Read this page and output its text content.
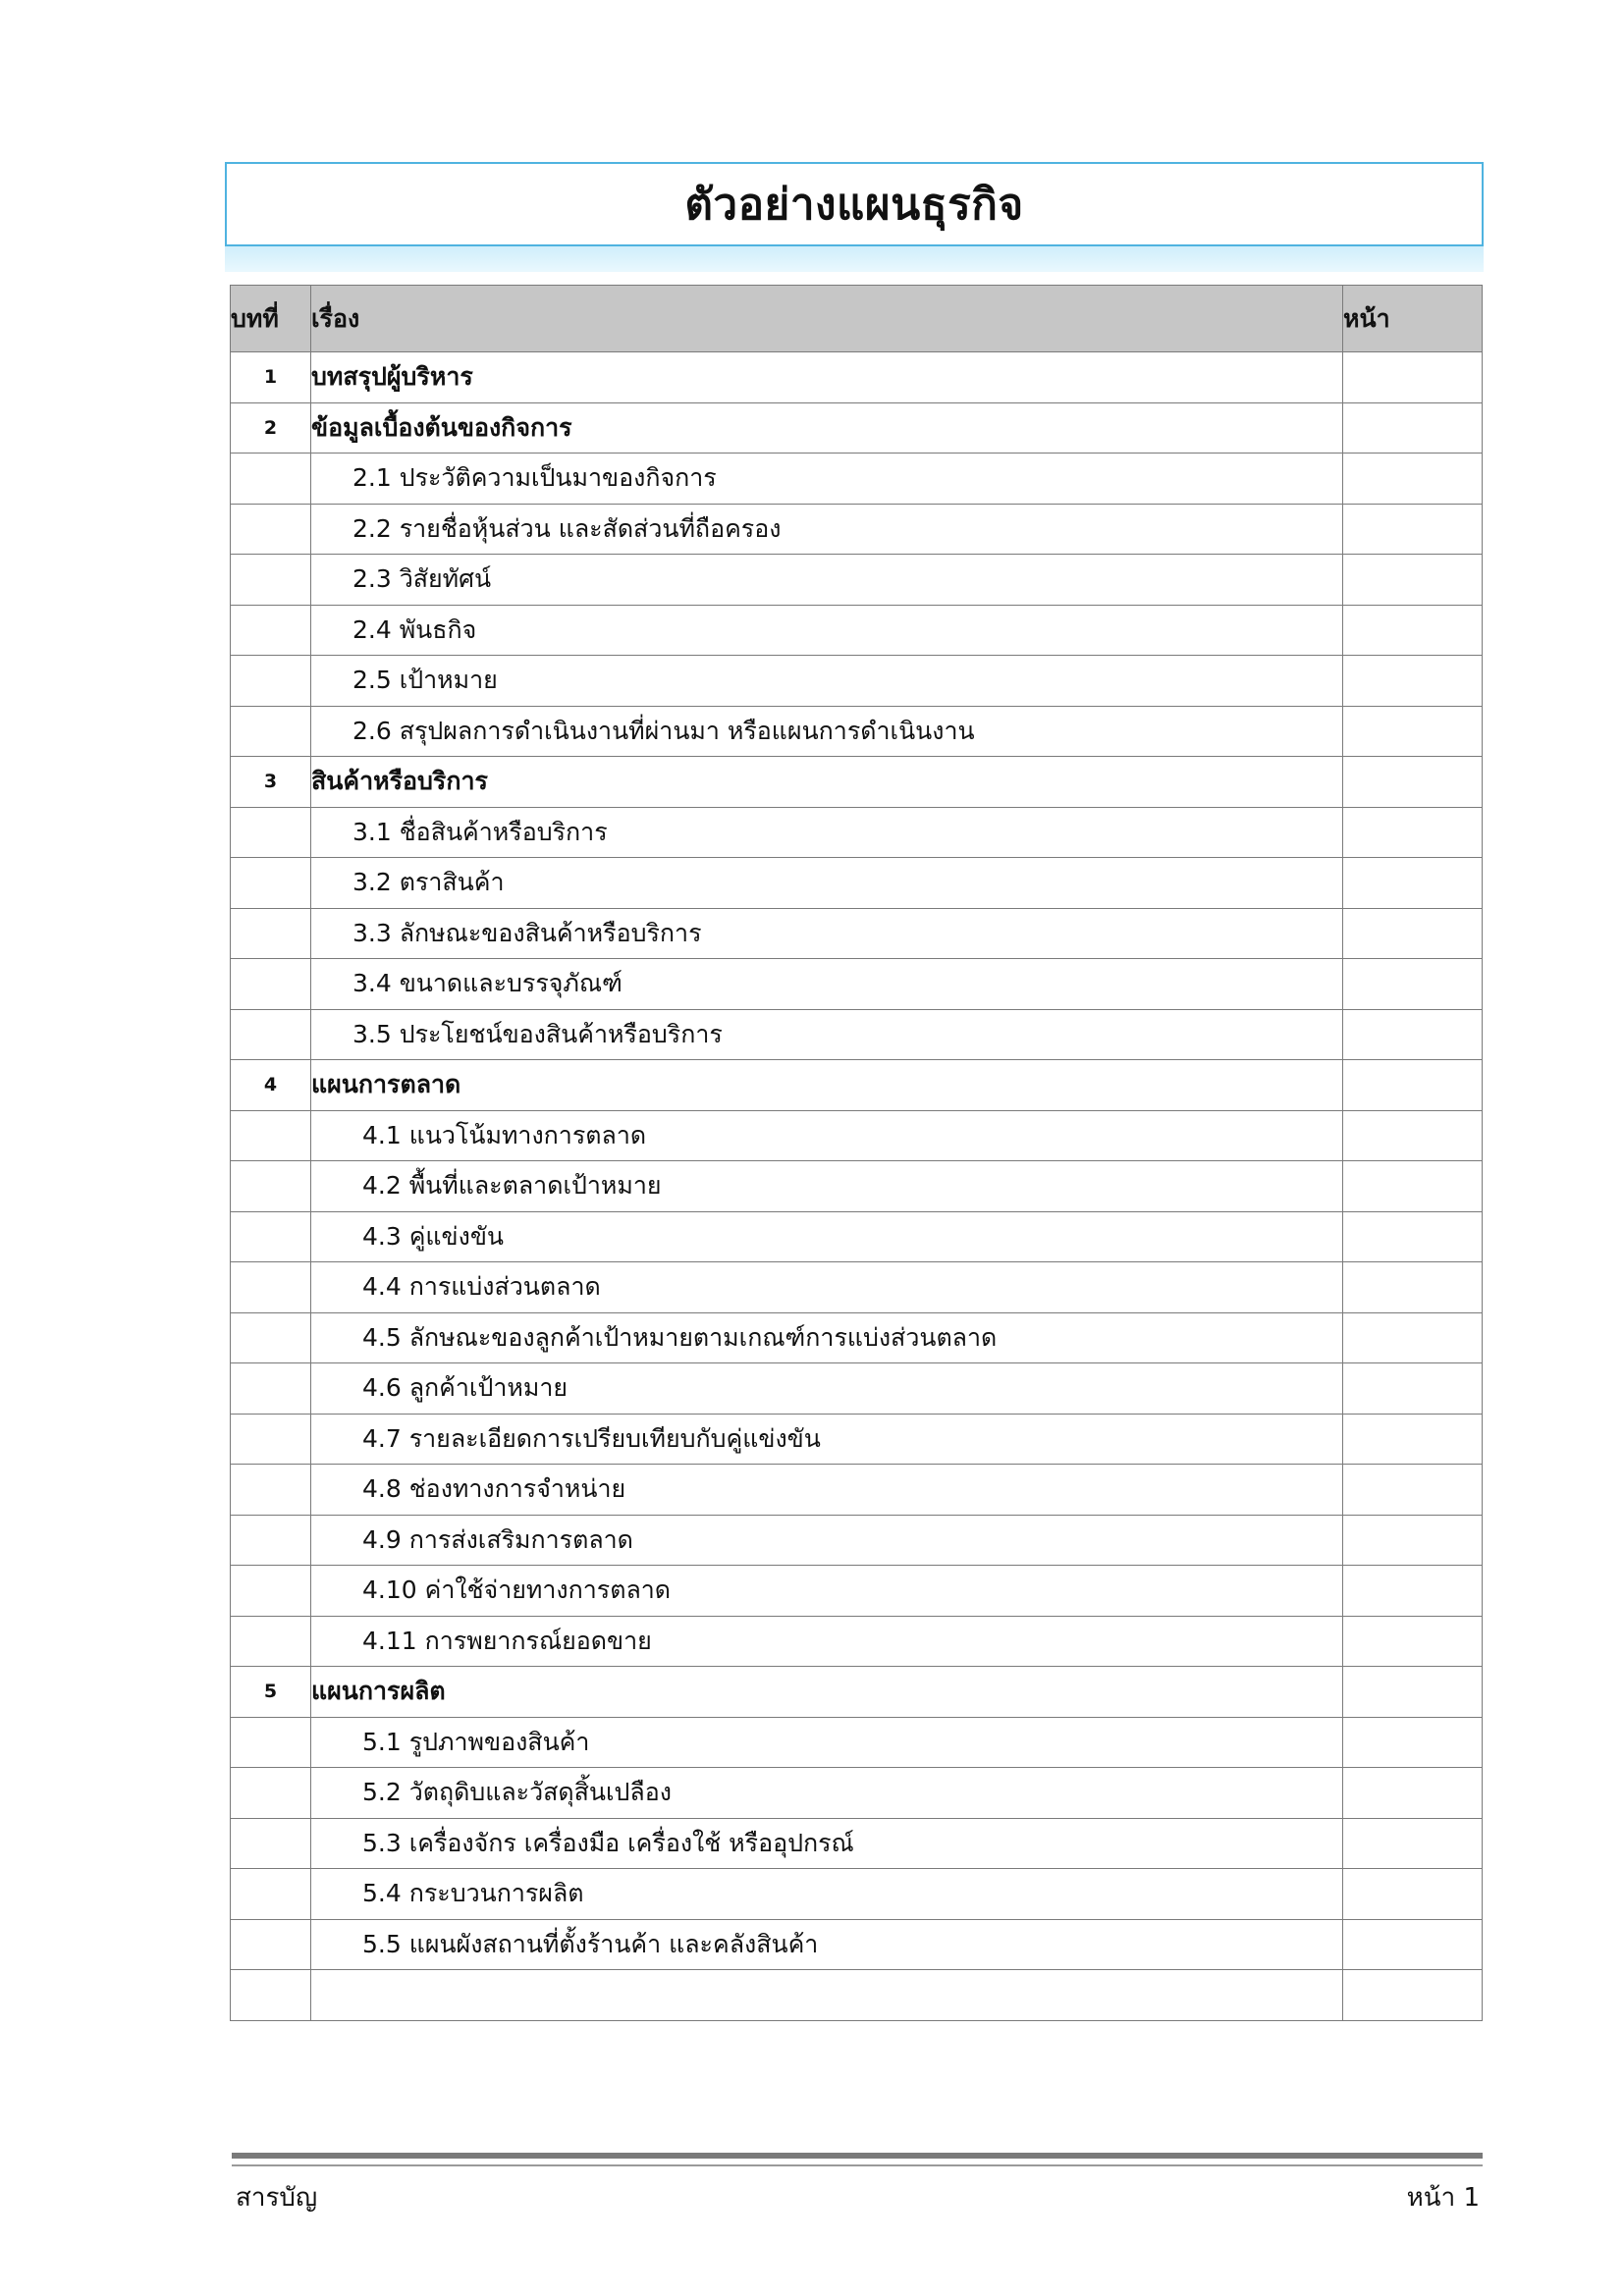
ตัวอย่างแผนธุรกิจ
บทที่	เรื่อง	หน้า
1	บทสรุปผู้บริหาร	
2	ข้อมูลเบื้องต้นของกิจการ	
	2.1 ประวัติความเป็นมาของกิจการ	
	2.2 รายชื่อหุ้นส่วน และสัดส่วนที่ถือครอง	
	2.3 วิสัยทัศน์	
	2.4 พันธกิจ	
	2.5 เป้าหมาย	
	2.6 สรุปผลการดำเนินงานที่ผ่านมา หรือแผนการดำเนินงาน	
3	สินค้าหรือบริการ	
	3.1 ชื่อสินค้าหรือบริการ	
	3.2 ตราสินค้า	
	3.3 ลักษณะของสินค้าหรือบริการ	
	3.4 ขนาดและบรรจุภัณฑ์	
	3.5 ประโยชน์ของสินค้าหรือบริการ	
4	แผนการตลาด	
	4.1 แนวโน้มทางการตลาด	
	4.2 พื้นที่และตลาดเป้าหมาย	
	4.3 คู่แข่งขัน	
	4.4 การแบ่งส่วนตลาด	
	4.5 ลักษณะของลูกค้าเป้าหมายตามเกณฑ์การแบ่งส่วนตลาด	
	4.6 ลูกค้าเป้าหมาย	
	4.7 รายละเอียดการเปรียบเทียบกับคู่แข่งขัน	
	4.8 ช่องทางการจำหน่าย	
	4.9 การส่งเสริมการตลาด	
	4.10 ค่าใช้จ่ายทางการตลาด	
	4.11 การพยากรณ์ยอดขาย	
5	แผนการผลิต	
	5.1 รูปภาพของสินค้า	
	5.2 วัตถุดิบและวัสดุสิ้นเปลือง	
	5.3 เครื่องจักร เครื่องมือ เครื่องใช้ หรืออุปกรณ์	
	5.4 กระบวนการผลิต	
	5.5 แผนผังสถานที่ตั้งร้านค้า และคลังสินค้า	

สารบัญ	หน้า 1
